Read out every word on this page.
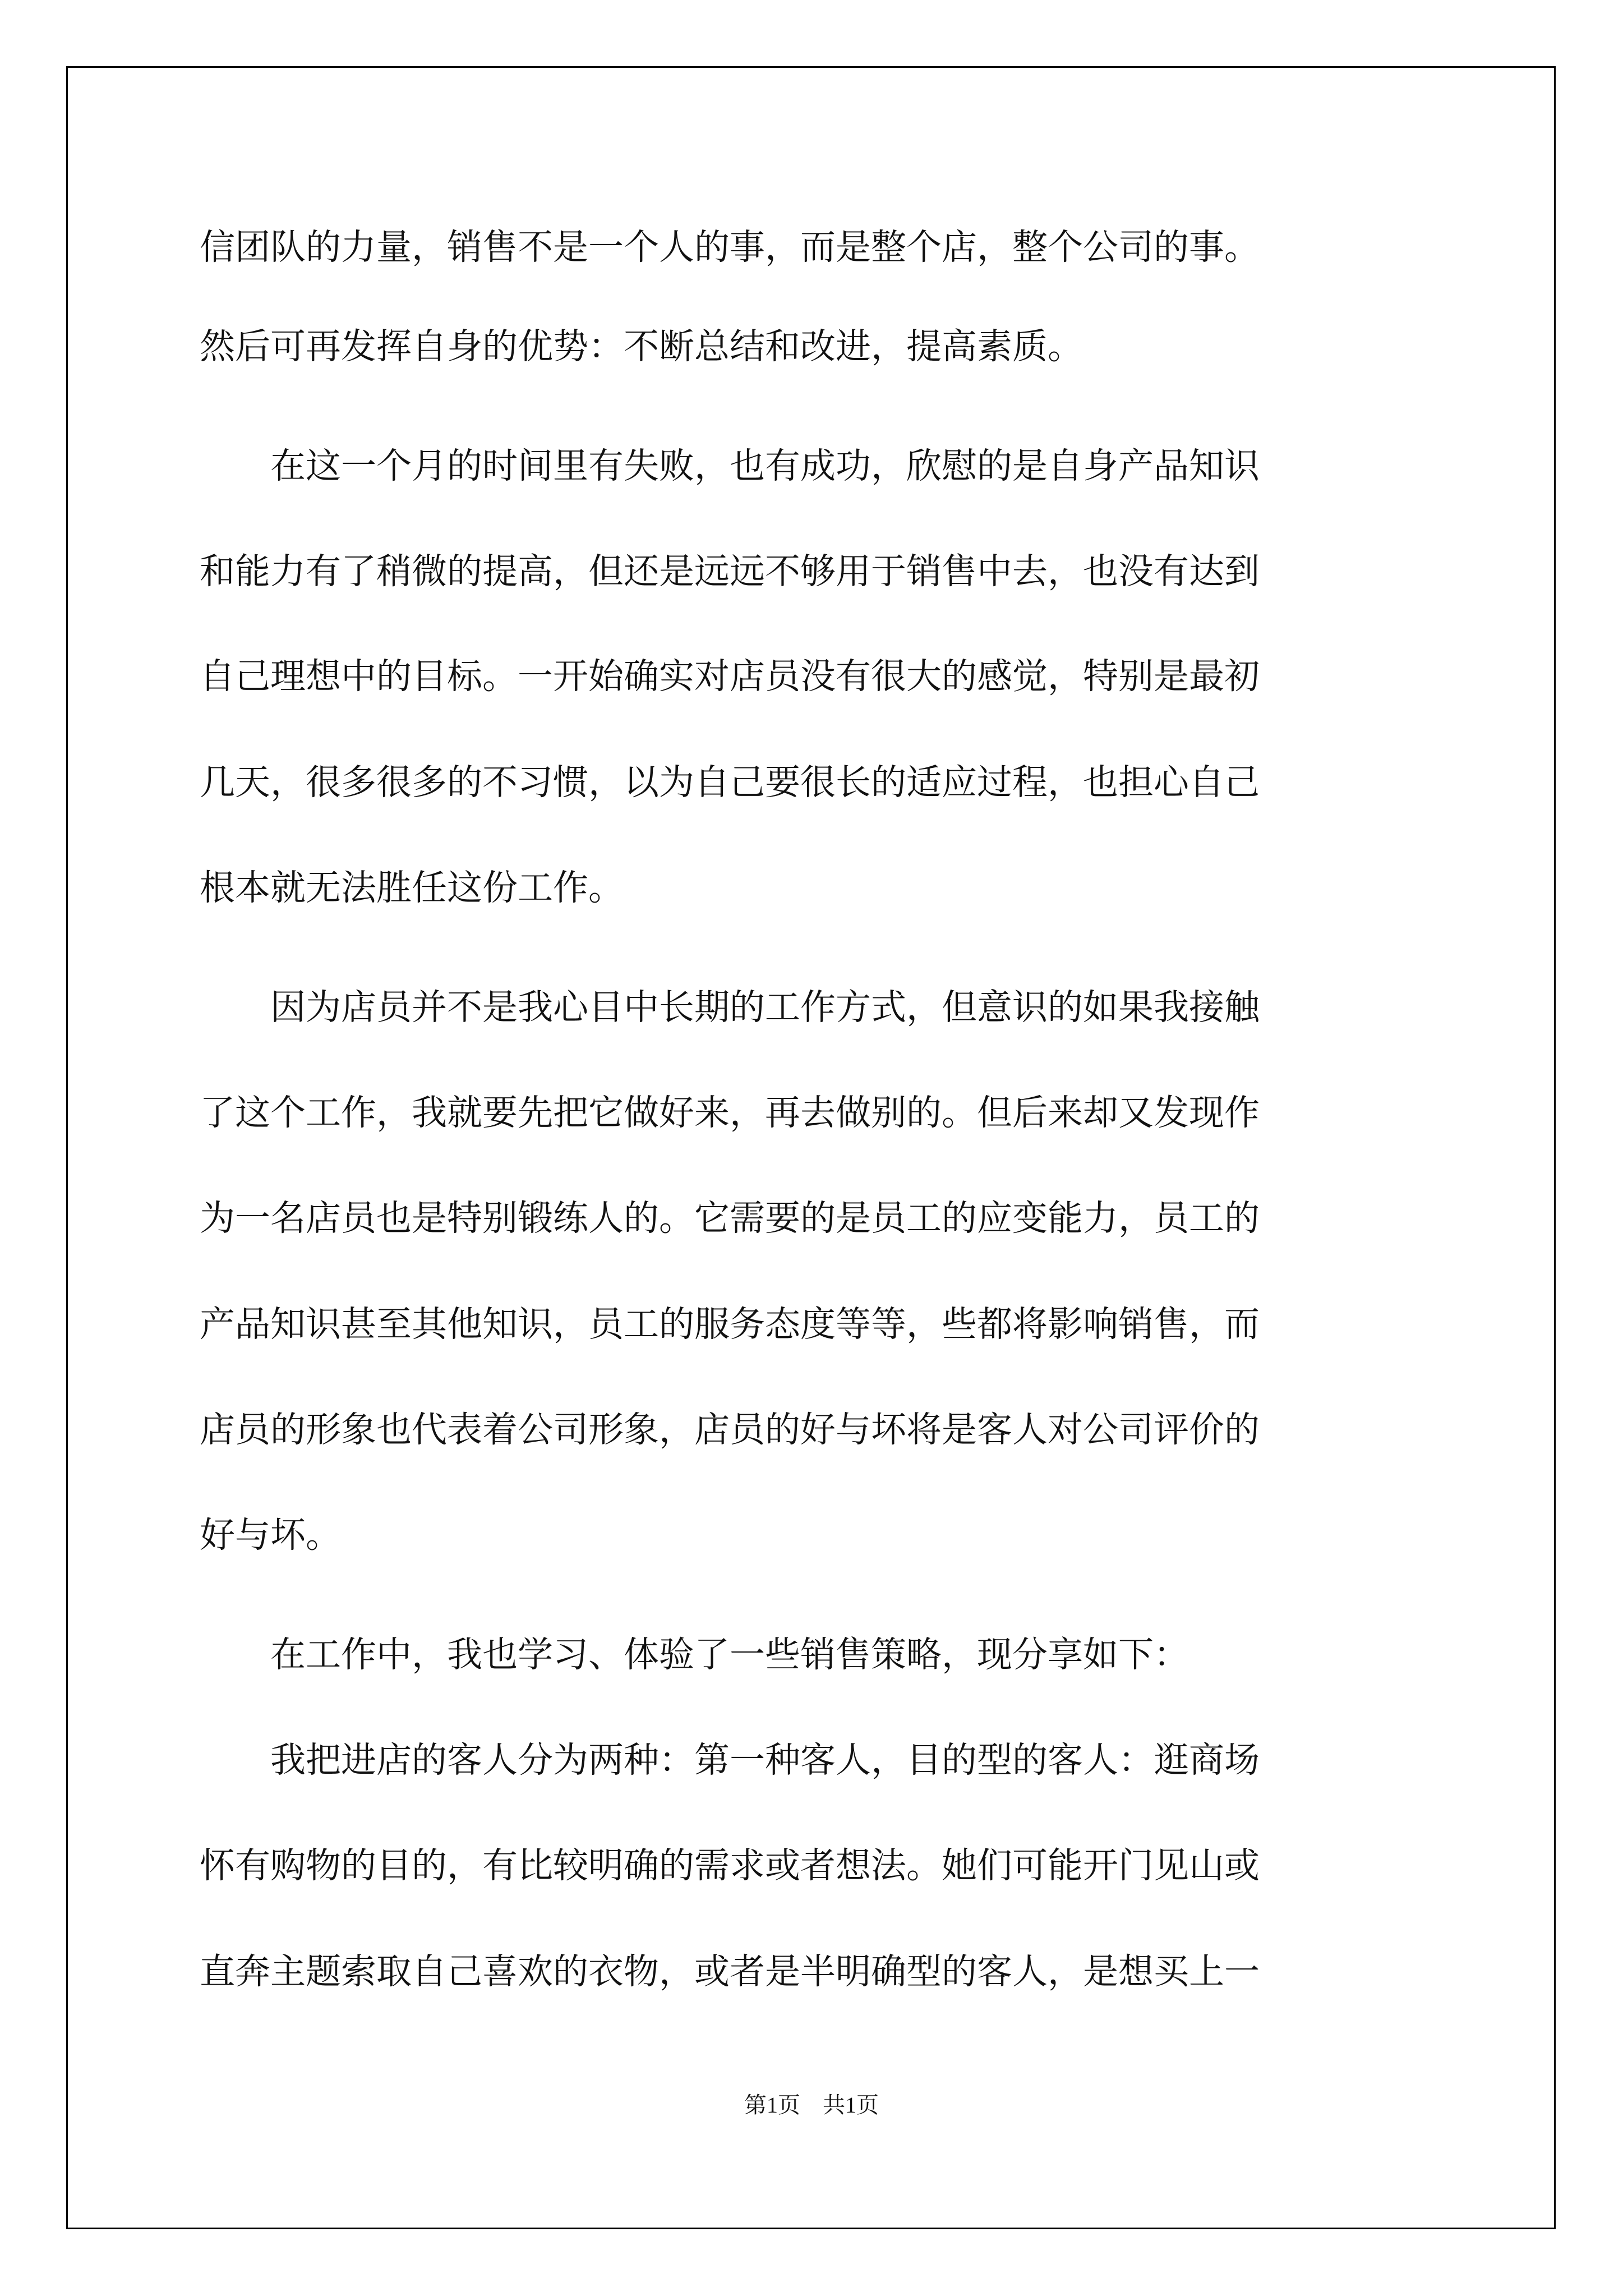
信团队的力量，销售不是一个人的事，而是整个店，整个公司的事。
然后可再发挥自身的优势：不断总结和改进，提高素质。
　　在这一个月的时间里有失败，也有成功，欣慰的是自身产品知识
和能力有了稍微的提高，但还是远远不够用于销售中去，也没有达到
自己理想中的目标。一开始确实对店员没有很大的感觉，特别是最初
几天，很多很多的不习惯，以为自己要很长的适应过程，也担心自己
根本就无法胜任这份工作。
　　因为店员并不是我心目中长期的工作方式，但意识的如果我接触
了这个工作，我就要先把它做好来，再去做别的。但后来却又发现作
为一名店员也是特别锻练人的。它需要的是员工的应变能力，员工的
产品知识甚至其他知识，员工的服务态度等等，些都将影响销售，而
店员的形象也代表着公司形象，店员的好与坏将是客人对公司评价的
好与坏。
　　在工作中，我也学习、体验了一些销售策略，现分享如下：
　　我把进店的客人分为两种：第一种客人，目的型的客人：逛商场
怀有购物的目的，有比较明确的需求或者想法。她们可能开门见山或
直奔主题索取自己喜欢的衣物，或者是半明确型的客人，是想买上一
第1页　共1页
